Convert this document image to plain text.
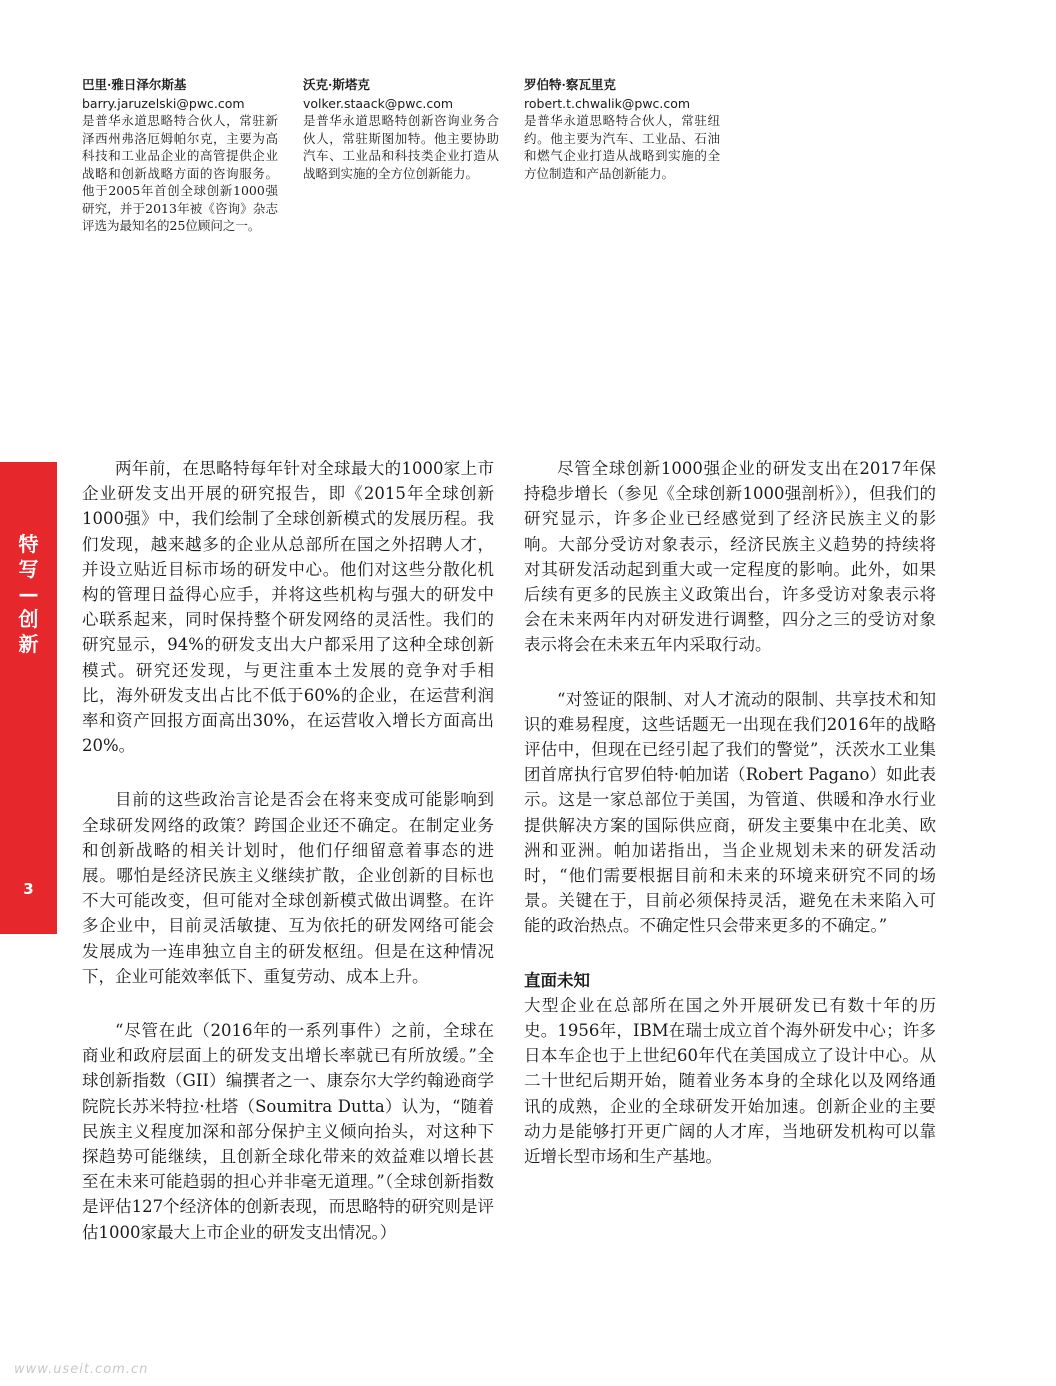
巴里·雅日泽尔斯基
barry.jaruzelski@pwc.com
是普华永道思略特合伙人，常驻新泽西州弗洛厄姆帕尔克，主要为高科技和工业品企业的高管提供企业战略和创新战略方面的咨询服务。他于2005年首创全球创新1000强研究，并于2013年被《咨询》杂志评选为最知名的25位顾问之一。
沃克·斯塔克
volker.staack@pwc.com
是普华永道思略特创新咨询业务合伙人，常驻斯图加特。他主要协助汽车、工业品和科技类企业打造从战略到实施的全方位创新能力。
罗伯特·察瓦里克
robert.t.chwalik@pwc.com
是普华永道思略特合伙人，常驻纽约。他主要为汽车、工业品、石油和燃气企业打造从战略到实施的全方位制造和产品创新能力。
特
写
—
创
新
3

两年前，在思略特每年针对全球最大的1000家上市企业研发支出开展的研究报告，即《2015年全球创新1000强》中，我们绘制了全球创新模式的发展历程。我们发现，越来越多的企业从总部所在国之外招聘人才，并设立贴近目标市场的研发中心。他们对这些分散化机构的管理日益得心应手，并将这些机构与强大的研发中心联系起来，同时保持整个研发网络的灵活性。我们的研究显示，94%的研发支出大户都采用了这种全球创新模式。研究还发现，与更注重本土发展的竞争对手相比，海外研发支出占比不低于60%的企业，在运营利润率和资产回报方面高出30%，在运营收入增长方面高出20%。

目前的这些政治言论是否会在将来变成可能影响到全球研发网络的政策？跨国企业还不确定。在制定业务和创新战略的相关计划时，他们仔细留意着事态的进展。哪怕是经济民族主义继续扩散，企业创新的目标也不大可能改变，但可能对全球创新模式做出调整。在许多企业中，目前灵活敏捷、互为依托的研发网络可能会发展成为一连串独立自主的研发枢纽。但是在这种情况下，企业可能效率低下、重复劳动、成本上升。

“尽管在此（2016年的一系列事件）之前，全球在商业和政府层面上的研发支出增长率就已有所放缓。”全球创新指数（GII）编撰者之一、康奈尔大学约翰逊商学院院长苏米特拉·杜塔（Soumitra Dutta）认为，“随着民族主义程度加深和部分保护主义倾向抬头，对这种下探趋势可能继续，且创新全球化带来的效益难以增长甚至在未来可能趋弱的担心并非毫无道理。”（全球创新指数是评估127个经济体的创新表现，而思略特的研究则是评估1000家最大上市企业的研发支出情况。）

尽管全球创新1000强企业的研发支出在2017年保持稳步增长（参见《全球创新1000强剖析》），但我们的研究显示，许多企业已经感觉到了经济民族主义的影响。大部分受访对象表示，经济民族主义趋势的持续将对其研发活动起到重大或一定程度的影响。此外，如果后续有更多的民族主义政策出台，许多受访对象表示将会在未来两年内对研发进行调整，四分之三的受访对象表示将会在未来五年内采取行动。

“对签证的限制、对人才流动的限制、共享技术和知识的难易程度，这些话题无一出现在我们2016年的战略评估中，但现在已经引起了我们的警觉”，沃茨水工业集团首席执行官罗伯特·帕加诺（Robert Pagano）如此表示。这是一家总部位于美国，为管道、供暖和净水行业提供解决方案的国际供应商，研发主要集中在北美、欧洲和亚洲。帕加诺指出，当企业规划未来的研发活动时，“他们需要根据目前和未来的环境来研究不同的场景。关键在于，目前必须保持灵活，避免在未来陷入可能的政治热点。不确定性只会带来更多的不确定。”

直面未知

大型企业在总部所在国之外开展研发已有数十年的历史。1956年，IBM在瑞士成立首个海外研发中心；许多日本车企也于上世纪60年代在美国成立了设计中心。从二十世纪后期开始，随着业务本身的全球化以及网络通讯的成熟，企业的全球研发开始加速。创新企业的主要动力是能够打开更广阔的人才库，当地研发机构可以靠近增长型市场和生产基地。

www.useit.com.cn
